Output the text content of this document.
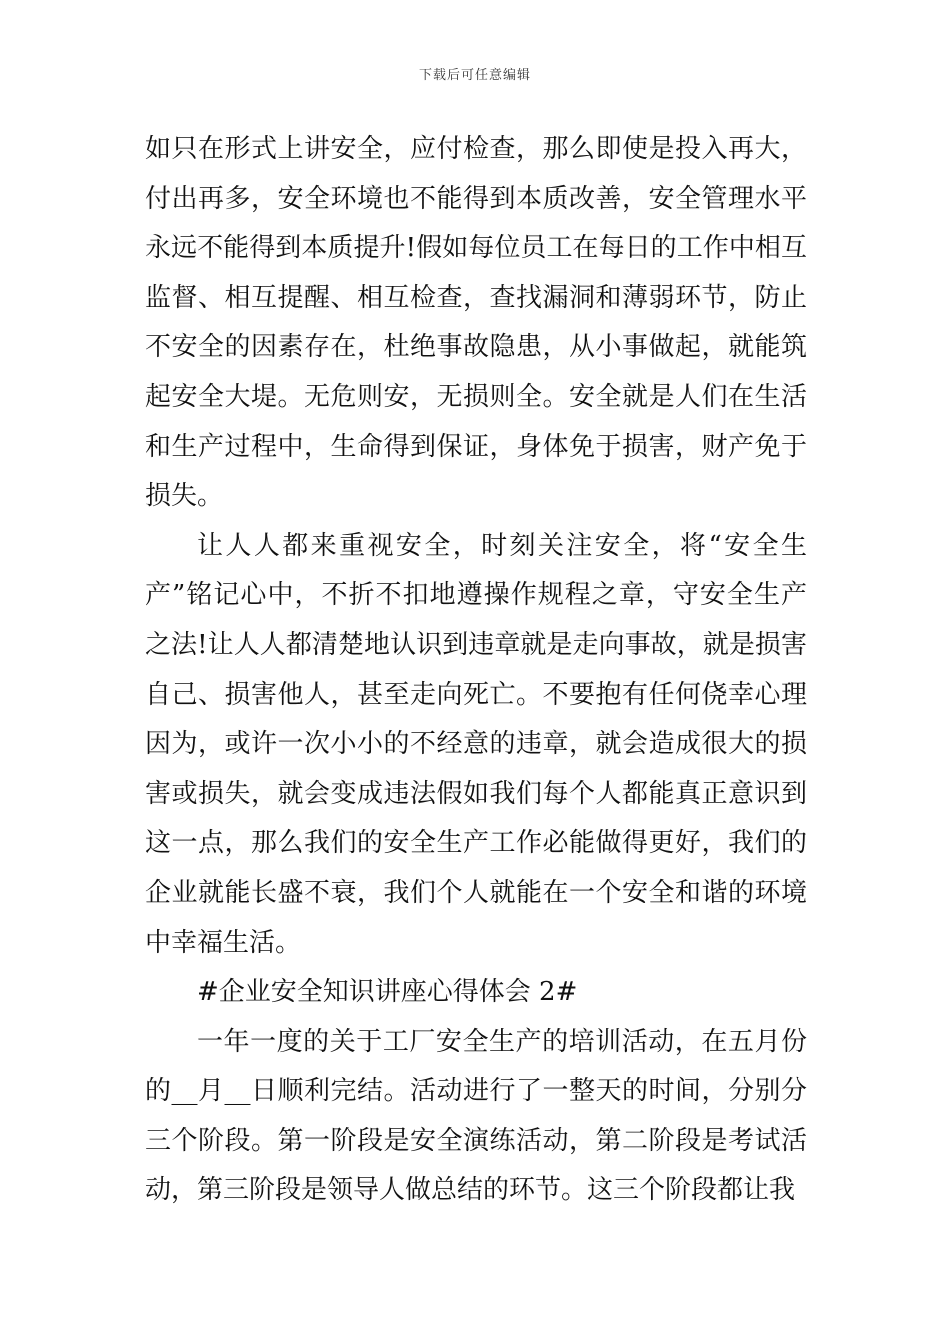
下载后可任意编辑

如只在形式上讲安全，应付检查，那么即使是投入再大，付出再多，安全环境也不能得到本质改善，安全管理水平永远不能得到本质提升!假如每位员工在每日的工作中相互监督、相互提醒、相互检查，查找漏洞和薄弱环节，防止不安全的因素存在，杜绝事故隐患，从小事做起，就能筑起安全大堤。无危则安，无损则全。安全就是人们在生活和生产过程中，生命得到保证，身体免于损害，财产免于损失。

让人人都来重视安全，时刻关注安全，将“安全生产”铭记心中，不折不扣地遵操作规程之章，守安全生产之法!让人人都清楚地认识到违章就是走向事故，就是损害自己、损害他人，甚至走向死亡。不要抱有任何侥幸心理因为，或许一次小小的不经意的违章，就会造成很大的损害或损失，就会变成违法假如我们每个人都能真正意识到这一点，那么我们的安全生产工作必能做得更好，我们的企业就能长盛不衰，我们个人就能在一个安全和谐的环境中幸福生活。

#企业安全知识讲座心得体会 2#

一年一度的关于工厂安全生产的培训活动，在五月份的__月__日顺利完结。活动进行了一整天的时间，分别分三个阶段。第一阶段是安全演练活动，第二阶段是考试活动，第三阶段是领导人做总结的环节。这三个阶段都让我
